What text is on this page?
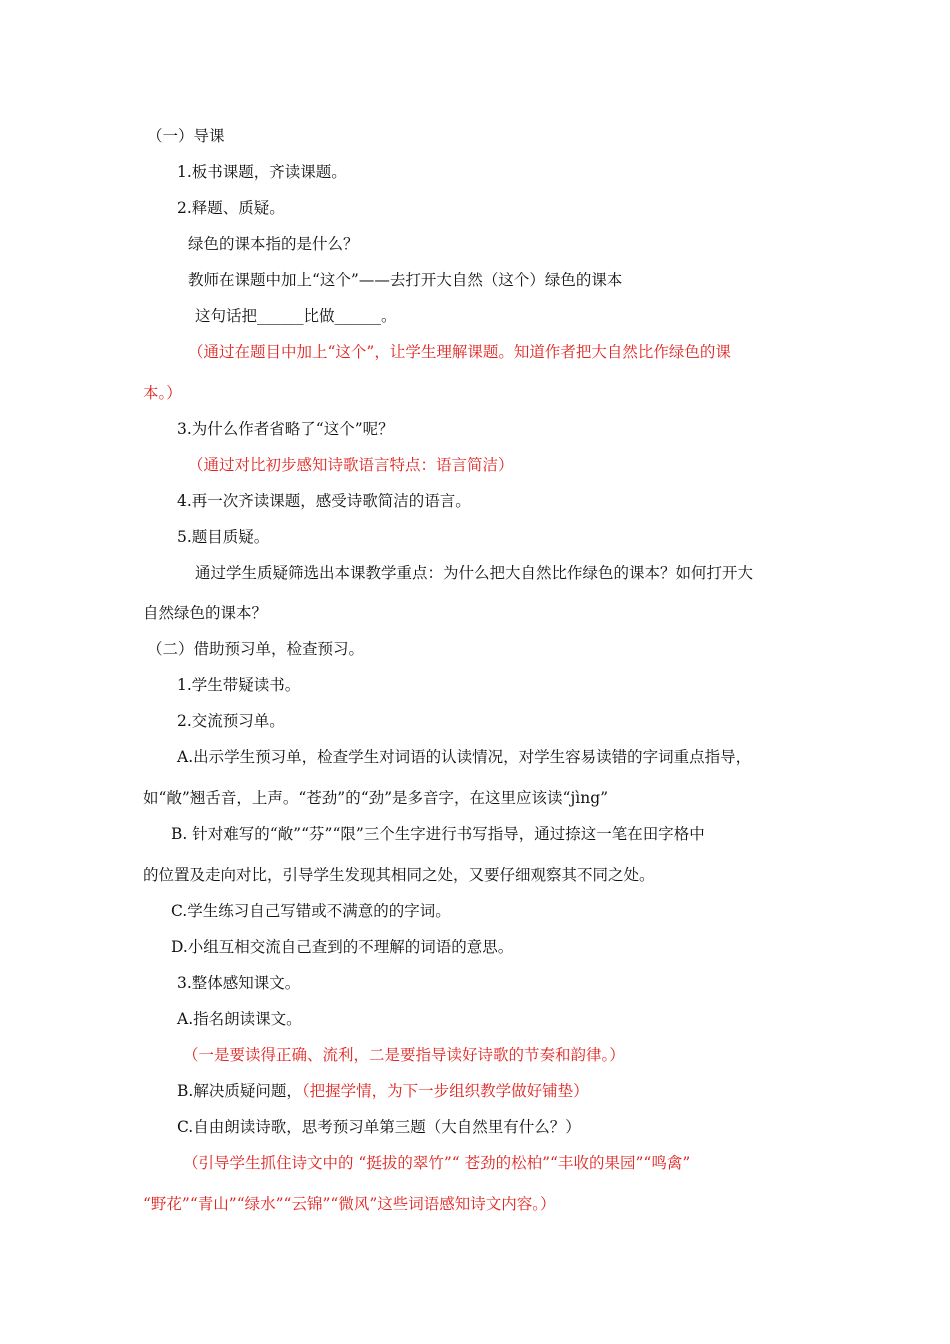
（一）导课
1.板书课题，齐读课题。
2.释题、质疑。
绿色的课本指的是什么？
教师在课题中加上“这个”——去打开大自然（这个）绿色的课本
这句话把______比做______。
（通过在题目中加上“这个”，让学生理解课题。知道作者把大自然比作绿色的课
本。）
3.为什么作者省略了“这个”呢？
（通过对比初步感知诗歌语言特点：语言简洁）
4.再一次齐读课题，感受诗歌简洁的语言。
5.题目质疑。
通过学生质疑筛选出本课教学重点：为什么把大自然比作绿色的课本？如何打开大
自然绿色的课本？
（二）借助预习单，检查预习。
1.学生带疑读书。
2.交流预习单。
A.出示学生预习单，检查学生对词语的认读情况，对学生容易读错的字词重点指导，
如“敞”翘舌音，上声。“苍劲”的“劲”是多音字，在这里应该读“jìng”
B. 针对难写的“敞”“芬”“限”三个生字进行书写指导，通过捺这一笔在田字格中
的位置及走向对比，引导学生发现其相同之处，又要仔细观察其不同之处。
C.学生练习自己写错或不满意的的字词。
D.小组互相交流自己查到的不理解的词语的意思。
3.整体感知课文。
A.指名朗读课文。
（一是要读得正确、流利，二是要指导读好诗歌的节奏和韵律。）
B.解决质疑问题，（把握学情，为下一步组织教学做好铺垫）
C.自由朗读诗歌，思考预习单第三题（大自然里有什么？）
（引导学生抓住诗文中的 “挺拔的翠竹”“ 苍劲的松柏”“丰收的果园”“鸣禽”
“野花”“青山”“绿水”“云锦”“微风”这些词语感知诗文内容。）
